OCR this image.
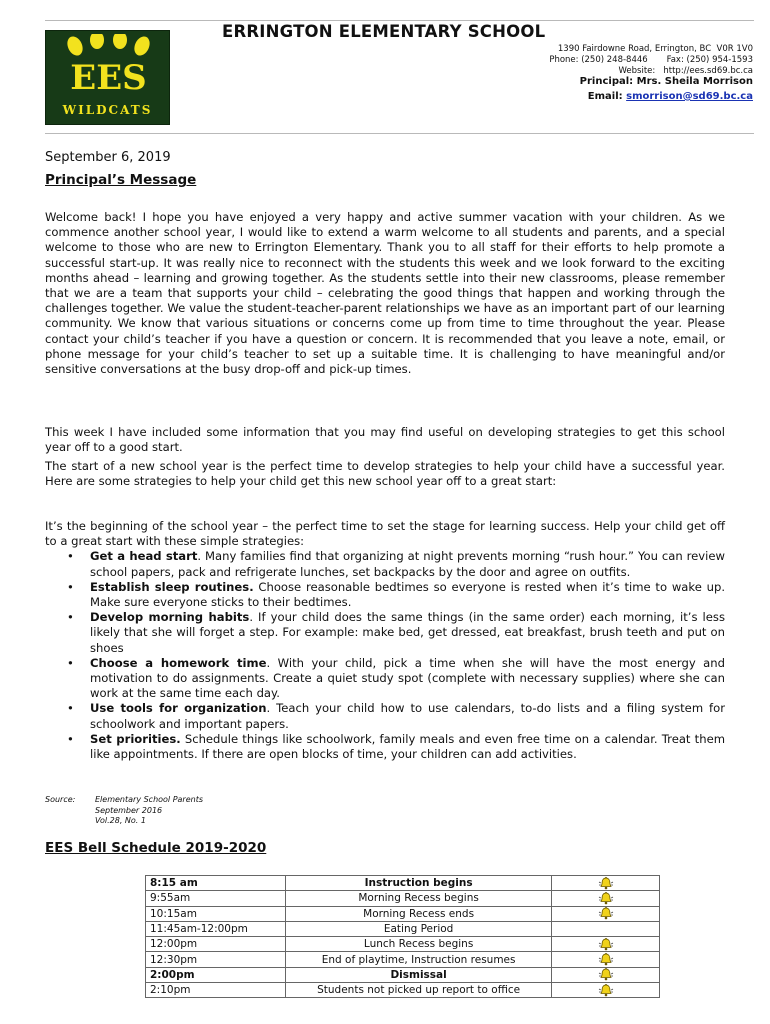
EES
WILDCATS
ERRINGTON ELEMENTARY SCHOOL
1390 Fairdowne Road, Errington, BC  V0R 1V0
Phone: (250) 248-8446       Fax: (250) 954-1593
Website:   http://ees.sd69.bc.ca
Principal: Mrs. Sheila Morrison
Email: smorrison@sd69.bc.ca
September 6, 2019
Principal’s Message

Welcome back! I hope you have enjoyed a very happy and active summer vacation with your children. As we commence another school year, I would like to extend a warm welcome to all students and parents, and a special welcome to those who are new to Errington Elementary. Thank you to all staff for their efforts to help promote a successful start-up. It was really nice to reconnect with the students this week and we look forward to the exciting months ahead – learning and growing together. As the students settle into their new classrooms, please remember that we are a team that supports your child – celebrating the good things that happen and working through the challenges together. We value the student-teacher-parent relationships we have as an important part of our learning community. We know that various situations or concerns come up from time to time throughout the year. Please contact your child’s teacher if you have a question or concern. It is recommended that you leave a note, email, or phone message for your child’s teacher to set up a suitable time. It is challenging to have meaningful and/or sensitive conversations at the busy drop-off and pick-up times.

This week I have included some information that you may find useful on developing strategies to get this school year off to a good start.

The start of a new school year is the perfect time to develop strategies to help your child have a successful year. Here are some strategies to help your child get this new school year off to a great start:

It’s the beginning of the school year – the perfect time to set the stage for learning success. Help your child get off to a great start with these simple strategies:

• Get a head start. Many families find that organizing at night prevents morning “rush hour.” You can review school papers, pack and refrigerate lunches, set backpacks by the door and agree on outfits.
• Establish sleep routines. Choose reasonable bedtimes so everyone is rested when it’s time to wake up. Make sure everyone sticks to their bedtimes.
• Develop morning habits. If your child does the same things (in the same order) each morning, it’s less likely that she will forget a step. For example: make bed, get dressed, eat breakfast, brush teeth and put on shoes
• Choose a homework time. With your child, pick a time when she will have the most energy and motivation to do assignments. Create a quiet study spot (complete with necessary supplies) where she can work at the same time each day.
• Use tools for organization. Teach your child how to use calendars, to-do lists and a filing system for schoolwork and important papers.
• Set priorities. Schedule things like schoolwork, family meals and even free time on a calendar. Treat them like appointments. If there are open blocks of time, your children can add activities.
Source: Elementary School Parents
September 2016
Vol.28, No. 1
EES Bell Schedule 2019-2020
8:15 am	Instruction begins	
9:55am	Morning Recess begins	
10:15am	Morning Recess ends	
11:45am-12:00pm	Eating Period	
12:00pm	Lunch Recess begins	
12:30pm	End of playtime, Instruction resumes	
2:00pm	Dismissal	
2:10pm	Students not picked up report to office	
